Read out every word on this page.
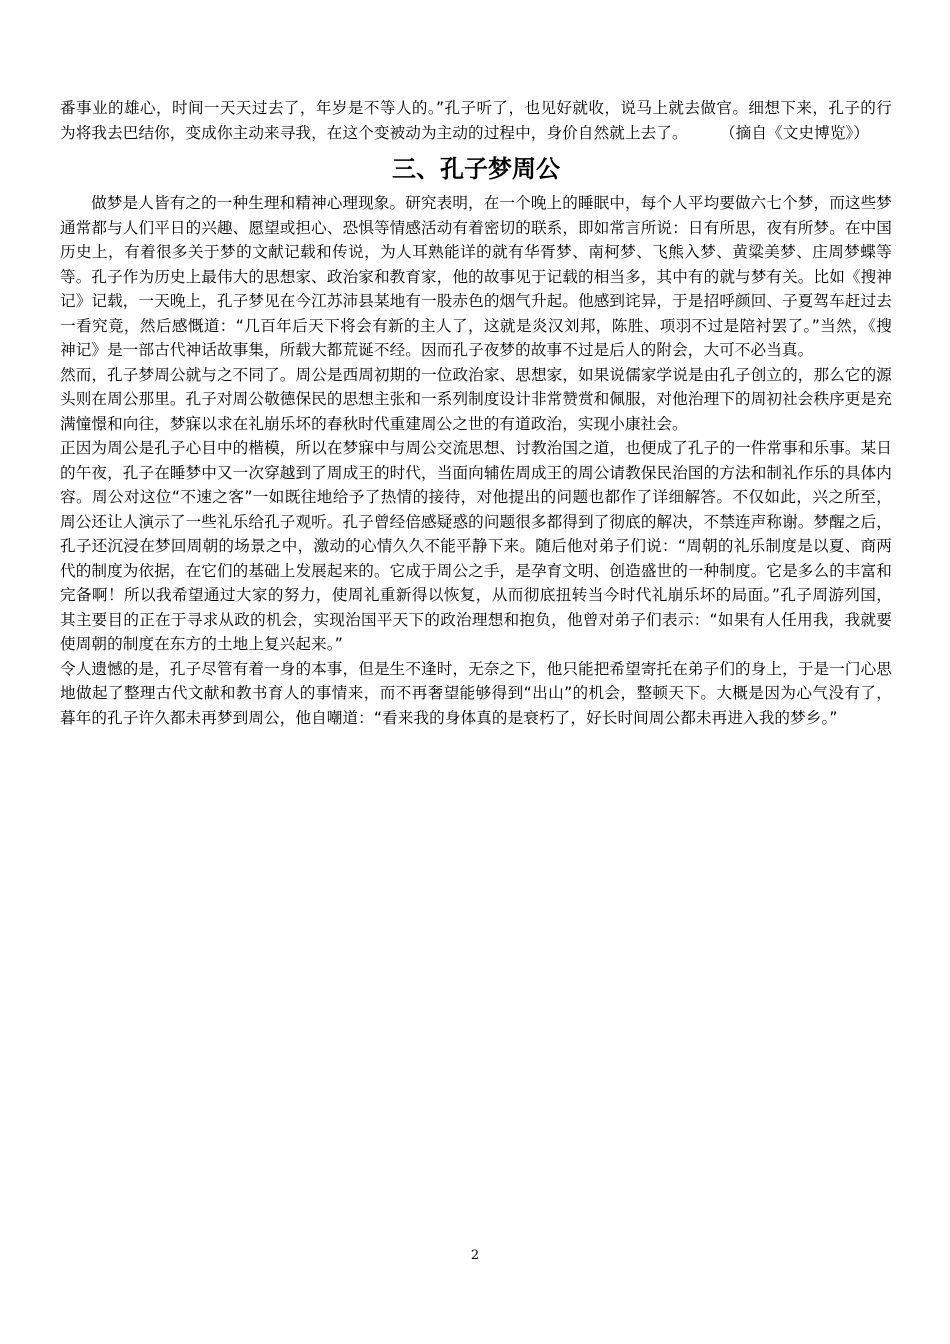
番事业的雄心，时间一天天过去了，年岁是不等人的。”孔子听了，也见好就收，说马上就去做官。细想下来，孔子的行为将我去巴结你，变成你主动来寻我，在这个变被动为主动的过程中，身价自然就上去了。	（摘自《文史博览》）

三、孔子梦周公

做梦是人皆有之的一种生理和精神心理现象。研究表明，在一个晚上的睡眠中，每个人平均要做六七个梦，而这些梦通常都与人们平日的兴趣、愿望或担心、恐惧等情感活动有着密切的联系，即如常言所说：日有所思，夜有所梦。在中国历史上，有着很多关于梦的文献记载和传说，为人耳熟能详的就有华胥梦、南柯梦、飞熊入梦、黄粱美梦、庄周梦蝶等等。孔子作为历史上最伟大的思想家、政治家和教育家，他的故事见于记载的相当多，其中有的就与梦有关。比如《搜神记》记载，一天晚上，孔子梦见在今江苏沛县某地有一股赤色的烟气升起。他感到诧异，于是招呼颜回、子夏驾车赶过去一看究竟，然后感慨道：“几百年后天下将会有新的主人了，这就是炎汉刘邦，陈胜、项羽不过是陪衬罢了。”当然，《搜神记》是一部古代神话故事集，所载大都荒诞不经。因而孔子夜梦的故事不过是后人的附会，大可不必当真。

然而，孔子梦周公就与之不同了。周公是西周初期的一位政治家、思想家，如果说儒家学说是由孔子创立的，那么它的源头则在周公那里。孔子对周公敬德保民的思想主张和一系列制度设计非常赞赏和佩服，对他治理下的周初社会秩序更是充满憧憬和向往，梦寐以求在礼崩乐坏的春秋时代重建周公之世的有道政治，实现小康社会。

正因为周公是孔子心目中的楷模，所以在梦寐中与周公交流思想、讨教治国之道，也便成了孔子的一件常事和乐事。某日的午夜，孔子在睡梦中又一次穿越到了周成王的时代，当面向辅佐周成王的周公请教保民治国的方法和制礼作乐的具体内容。周公对这位“不速之客”一如既往地给予了热情的接待，对他提出的问题也都作了详细解答。不仅如此，兴之所至，周公还让人演示了一些礼乐给孔子观听。孔子曾经倍感疑惑的问题很多都得到了彻底的解决，不禁连声称谢。梦醒之后，孔子还沉浸在梦回周朝的场景之中，激动的心情久久不能平静下来。随后他对弟子们说：“周朝的礼乐制度是以夏、商两代的制度为依据，在它们的基础上发展起来的。它成于周公之手，是孕育文明、创造盛世的一种制度。它是多么的丰富和完备啊！所以我希望通过大家的努力，使周礼重新得以恢复，从而彻底扭转当今时代礼崩乐坏的局面。”孔子周游列国，其主要目的正在于寻求从政的机会，实现治国平天下的政治理想和抱负，他曾对弟子们表示：“如果有人任用我，我就要使周朝的制度在东方的土地上复兴起来。”

令人遗憾的是，孔子尽管有着一身的本事，但是生不逢时，无奈之下，他只能把希望寄托在弟子们的身上，于是一门心思地做起了整理古代文献和教书育人的事情来，而不再奢望能够得到“出山”的机会，整顿天下。大概是因为心气没有了，暮年的孔子许久都未再梦到周公，他自嘲道：“看来我的身体真的是衰朽了，好长时间周公都未再进入我的梦乡。”

2
